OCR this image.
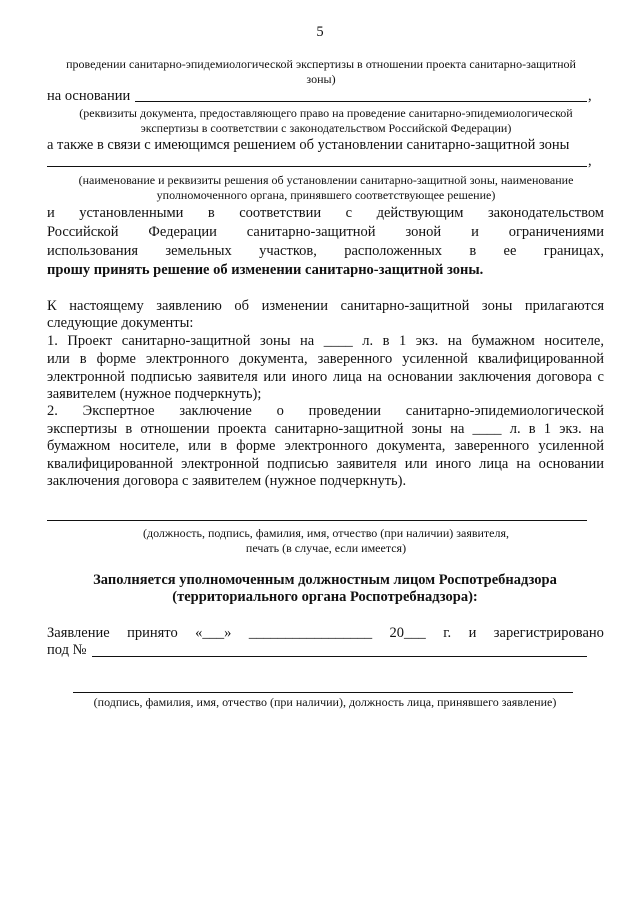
5
проведении санитарно-эпидемиологической экспертизы в отношении проекта санитарно-защитной
зоны)
на основании	,
(реквизиты документа, предоставляющего право на проведение санитарно-эпидемиологической
экспертизы в соответствии с законодательством Российской Федерации)
а также в связи с имеющимся решением об установлении санитарно-защитной зоны
,
(наименование и реквизиты решения об установлении санитарно-защитной зоны, наименование
уполномоченного органа, принявшего соответствующее решение)
и установленными в соответствии с действующим законодательством
Российской Федерации санитарно-защитной зоной и ограничениями
использования земельных участков, расположенных в ее границах,
прошу принять решение об изменении санитарно-защитной зоны.
К настоящему заявлению об изменении санитарно-защитной зоны прилагаются
следующие документы:
1. Проект санитарно-защитной зоны на ____ л. в 1 экз. на бумажном носителе,
или в форме электронного документа, заверенного усиленной квалифицированной
электронной подписью заявителя или иного лица на основании заключения договора с
заявителем (нужное подчеркнуть);
2. Экспертное заключение о проведении санитарно-эпидемиологической
экспертизы в отношении проекта санитарно-защитной зоны на ____ л. в 1 экз. на
бумажном носителе, или в форме электронного документа, заверенного усиленной
квалифицированной электронной подписью заявителя или иного лица на основании
заключения договора с заявителем (нужное подчеркнуть).
(должность, подпись, фамилия, имя, отчество (при наличии) заявителя,
печать (в случае, если имеется)
Заполняется уполномоченным должностным лицом Роспотребнадзора
(территориального органа Роспотребнадзора):
Заявление принято «___» _________________ 20___ г. и зарегистрировано
под №
(подпись, фамилия, имя, отчество (при наличии), должность лица, принявшего заявление)
